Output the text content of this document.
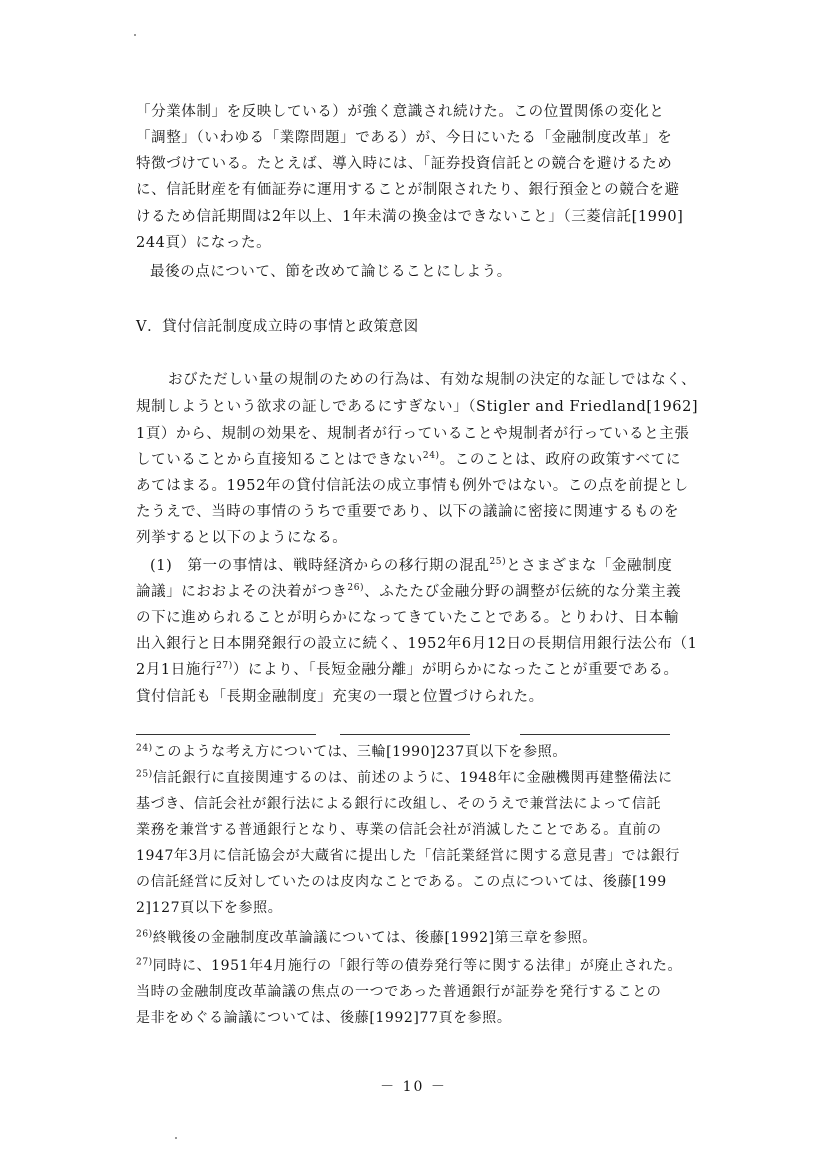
「分業体制」を反映している）が強く意識され続けた。この位置関係の変化と
「調整」（いわゆる「業際問題」である）が、今日にいたる「金融制度改革」を
特徴づけている。たとえば、導入時には、「証券投資信託との競合を避けるため
に、信託財産を有価証券に運用することが制限されたり、銀行預金との競合を避
けるため信託期間は2年以上、1年未満の換金はできないこと」（三菱信託[1990]
244頁）になった。
最後の点について、節を改めて論じることにしよう。
V．貸付信託制度成立時の事情と政策意図
おびただしい量の規制のための行為は、有効な規制の決定的な証しではなく、
規制しようという欲求の証しであるにすぎない」（Stigler and Friedland[1962]
1頁）から、規制の効果を、規制者が行っていることや規制者が行っていると主張
していることから直接知ることはできない$^{24)}$。このことは、政府の政策すべてに
あてはまる。1952年の貸付信託法の成立事情も例外ではない。この点を前提とし
たうえで、当時の事情のうちで重要であり、以下の議論に密接に関連するものを
列挙すると以下のようになる。
(1)　第一の事情は、戦時経済からの移行期の混乱$^{25)}$とさまざまな「金融制度
論議」におおよその決着がつき$^{26)}$、ふたたび金融分野の調整が伝統的な分業主義
の下に進められることが明らかになってきていたことである。とりわけ、日本輸
出入銀行と日本開発銀行の設立に続く、1952年6月12日の長期信用銀行法公布（1
2月1日施行$^{27)}$）により、「長短金融分離」が明らかになったことが重要である。
貸付信託も「長期金融制度」充実の一環と位置づけられた。
$^{24)}$このような考え方については、三輪[1990]237頁以下を参照。
$^{25)}$信託銀行に直接関連するのは、前述のように、1948年に金融機関再建整備法に
基づき、信託会社が銀行法による銀行に改組し、そのうえで兼営法によって信託
業務を兼営する普通銀行となり、専業の信託会社が消滅したことである。直前の
1947年3月に信託協会が大蔵省に提出した「信託業経営に関する意見書」では銀行
の信託経営に反対していたのは皮肉なことである。この点については、後藤[199
2]127頁以下を参照。
$^{26)}$終戦後の金融制度改革論議については、後藤[1992]第三章を参照。
$^{27)}$同時に、1951年4月施行の「銀行等の債券発行等に関する法律」が廃止された。
当時の金融制度改革論議の焦点の一つであった普通銀行が証券を発行することの
是非をめぐる論議については、後藤[1992]77頁を参照。
－ 10 －
